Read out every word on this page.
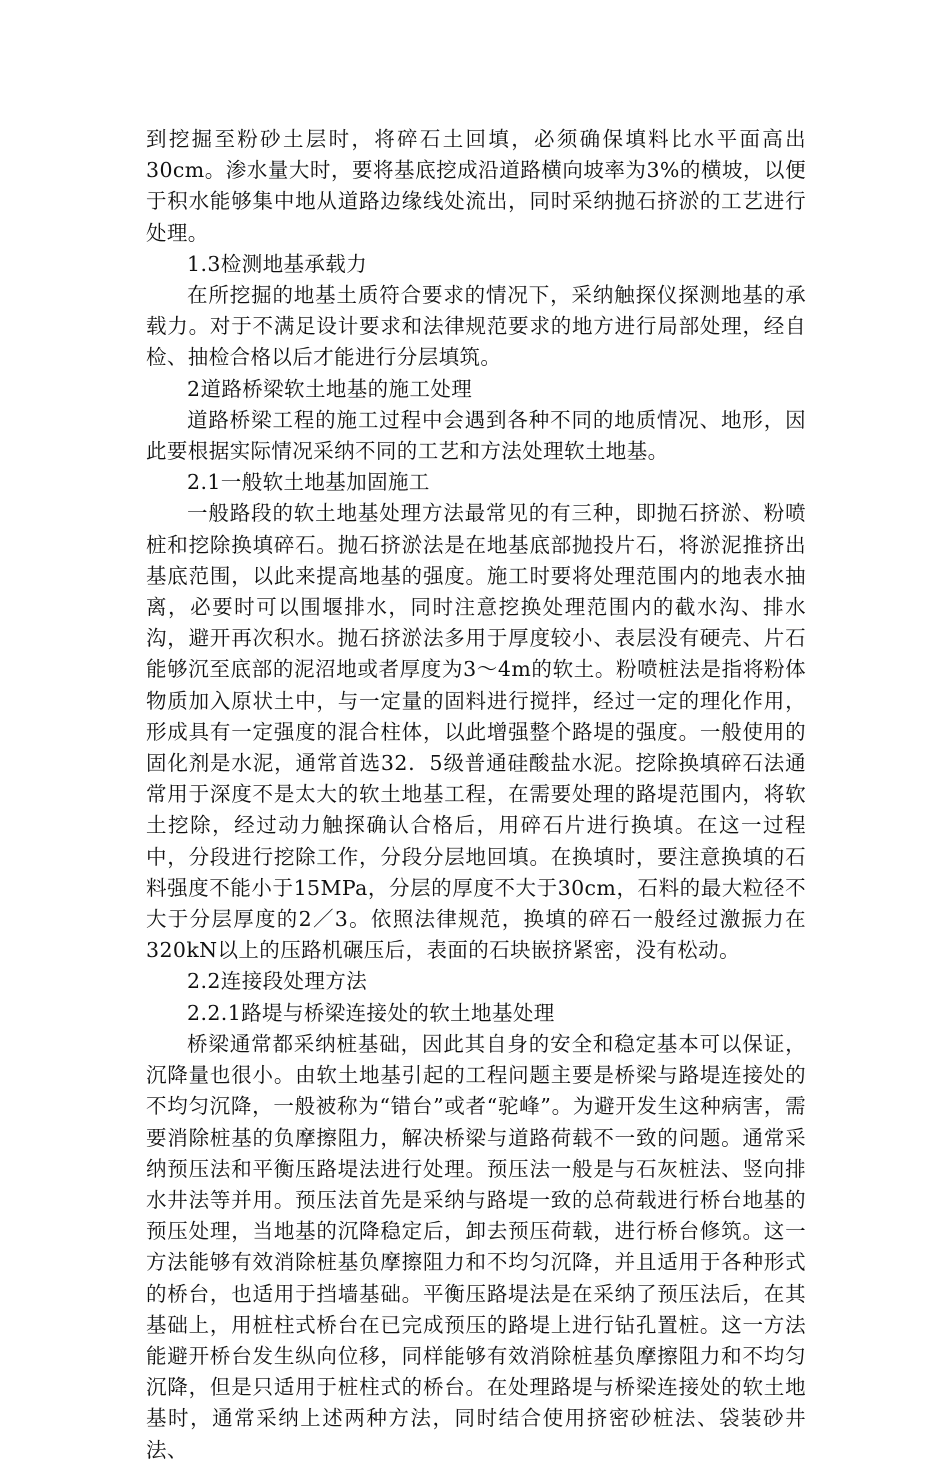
到挖掘至粉砂土层时，将碎石土回填，必须确保填料比水平面高出30cm。渗水量大时，要将基底挖成沿道路横向坡率为3%的横坡，以便于积水能够集中地从道路边缘线处流出，同时采纳抛石挤淤的工艺进行处理。

1.3检测地基承载力

在所挖掘的地基土质符合要求的情况下，采纳触探仪探测地基的承载力。对于不满足设计要求和法律规范要求的地方进行局部处理，经自检、抽检合格以后才能进行分层填筑。

2道路桥梁软土地基的施工处理

道路桥梁工程的施工过程中会遇到各种不同的地质情况、地形，因此要根据实际情况采纳不同的工艺和方法处理软土地基。

2.1一般软土地基加固施工

一般路段的软土地基处理方法最常见的有三种，即抛石挤淤、粉喷桩和挖除换填碎石。抛石挤淤法是在地基底部抛投片石，将淤泥推挤出基底范围，以此来提高地基的强度。施工时要将处理范围内的地表水抽离，必要时可以围堰排水，同时注意挖换处理范围内的截水沟、排水沟，避开再次积水。抛石挤淤法多用于厚度较小、表层没有硬壳、片石能够沉至底部的泥沼地或者厚度为3～4m的软土。粉喷桩法是指将粉体物质加入原状土中，与一定量的固料进行搅拌，经过一定的理化作用，形成具有一定强度的混合柱体，以此增强整个路堤的强度。一般使用的固化剂是水泥，通常首选32．5级普通硅酸盐水泥。挖除换填碎石法通常用于深度不是太大的软土地基工程，在需要处理的路堤范围内，将软土挖除，经过动力触探确认合格后，用碎石片进行换填。在这一过程中，分段进行挖除工作，分段分层地回填。在换填时，要注意换填的石料强度不能小于15MPa，分层的厚度不大于30cm，石料的最大粒径不大于分层厚度的2／3。依照法律规范，换填的碎石一般经过激振力在320kN以上的压路机碾压后，表面的石块嵌挤紧密，没有松动。

2.2连接段处理方法

2.2.1路堤与桥梁连接处的软土地基处理

桥梁通常都采纳桩基础，因此其自身的安全和稳定基本可以保证，沉降量也很小。由软土地基引起的工程问题主要是桥梁与路堤连接处的不均匀沉降，一般被称为“错台”或者“驼峰”。为避开发生这种病害，需要消除桩基的负摩擦阻力，解决桥梁与道路荷载不一致的问题。通常采纳预压法和平衡压路堤法进行处理。预压法一般是与石灰桩法、竖向排水井法等并用。预压法首先是采纳与路堤一致的总荷载进行桥台地基的预压处理，当地基的沉降稳定后，卸去预压荷载，进行桥台修筑。这一方法能够有效消除桩基负摩擦阻力和不均匀沉降，并且适用于各种形式的桥台，也适用于挡墙基础。平衡压路堤法是在采纳了预压法后，在其基础上，用桩柱式桥台在已完成预压的路堤上进行钻孔置桩。这一方法能避开桥台发生纵向位移，同样能够有效消除桩基负摩擦阻力和不均匀沉降，但是只适用于桩柱式的桥台。在处理路堤与桥梁连接处的软土地基时，通常采纳上述两种方法，同时结合使用挤密砂桩法、袋装砂井法、
